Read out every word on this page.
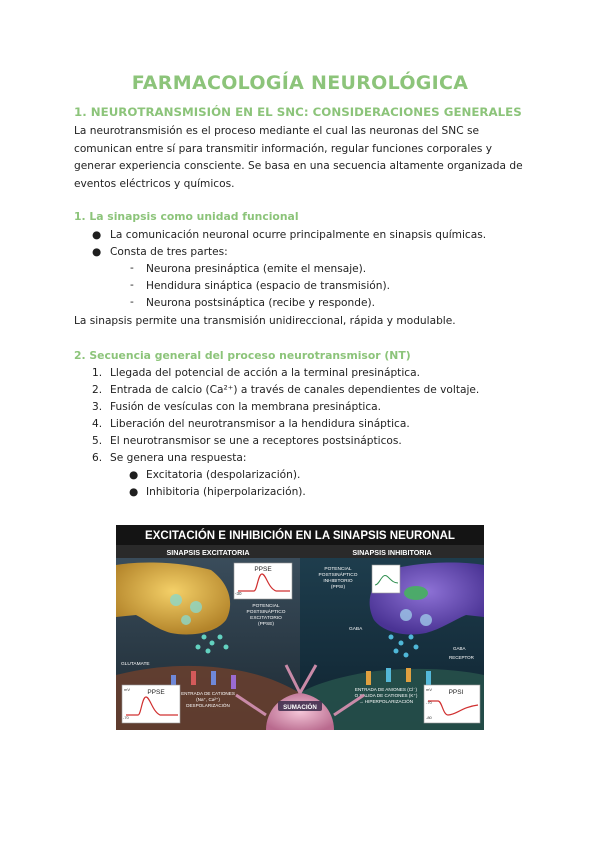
FARMACOLOGÍA NEUROLÓGICA
1. NEUROTRANSMISIÓN EN EL SNC: CONSIDERACIONES GENERALES
La neurotransmisión es el proceso mediante el cual las neuronas del SNC se comunican entre sí para transmitir información, regular funciones corporales y generar experiencia consciente. Se basa en una secuencia altamente organizada de eventos eléctricos y químicos.
1. La sinapsis como unidad funcional
● La comunicación neuronal ocurre principalmente en sinapsis químicas.
● Consta de tres partes:
- Neurona presináptica (emite el mensaje).
- Hendidura sináptica (espacio de transmisión).
- Neurona postsináptica (recibe y responde).
La sinapsis permite una transmisión unidireccional, rápida y modulable.
2. Secuencia general del proceso neurotransmisor (NT)
1. Llegada del potencial de acción a la terminal presináptica.
2. Entrada de calcio (Ca²⁺) a través de canales dependientes de voltaje.
3. Fusión de vesículas con la membrana presináptica.
4. Liberación del neurotransmisor a la hendidura sináptica.
5. El neurotransmisor se une a receptores postsinápticos.
6. Se genera una respuesta:
● Excitatoria (despolarización).
● Inhibitoria (hiperpolarización).
EXCITACIÓN E INHIBICIÓN EN LA SINAPSIS NEURONAL
SINAPSIS EXCITATORIA	SINAPSIS INHIBITORIA
PPSE
-30
POTENCIAL
POSTSINÁPTICO
EXCITATORIO
(PPSE)
GLUTAMATE
PPSE
mV
-70
ENTRADA DE CATIONES
(Na⁺, Ca²⁺)
DESPOLARIZACIÓN
POTENCIAL
POSTSINÁPTICO
INHIBITORIO
(PPSI)
GABA
GABA
RECEPTOR
ENTRADA DE ANIONES (Cl⁻)
O SALIDA DE CATIONES (K⁺)
→ HIPERPOLARIZACIÓN
PPSI
mV
-70
-80
SUMACIÓN
